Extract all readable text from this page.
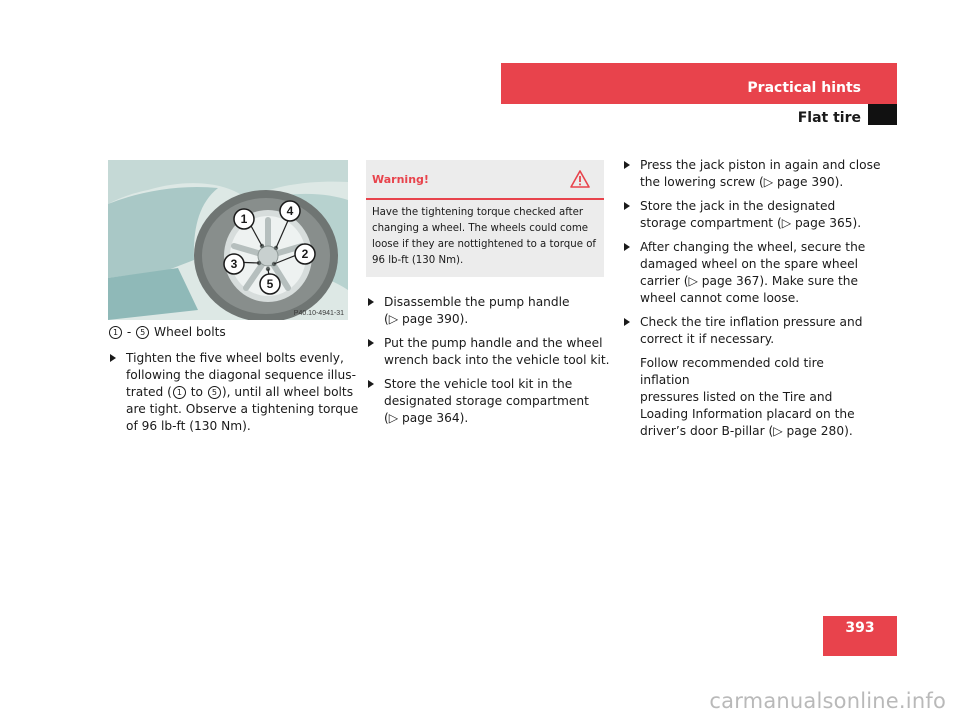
Practical hints
Flat tire
1
2
3
4
5
P40.10-4941-31
1 - 5 Wheel bolts
Tighten the five wheel bolts evenly,
following the diagonal sequence illus-
trated ( 1 to 5 ), until all wheel bolts
are tight. Observe a tightening torque
of 96 lb-ft (130 Nm).
Warning!
Have the tightening torque checked after
changing a wheel. The wheels could come
loose if they are nottightened to a torque of
96 lb-ft (130 Nm).
Disassemble the pump handle
(▷ page 390).
Put the pump handle and the wheel
wrench back into the vehicle tool kit.
Store the vehicle tool kit in the
designated storage compartment
(▷ page 364).
Press the jack piston in again and close
the lowering screw (▷ page 390).
Store the jack in the designated
storage compartment (▷ page 365).
After changing the wheel, secure the
damaged wheel on the spare wheel
carrier (▷ page 367). Make sure the
wheel cannot come loose.
Check the tire inflation pressure and
correct it if necessary.
Follow recommended cold tire inflation
pressures listed on the Tire and
Loading Information placard on the
driver’s door B-pillar (▷ page 280).
393
carmanualsonline.info
